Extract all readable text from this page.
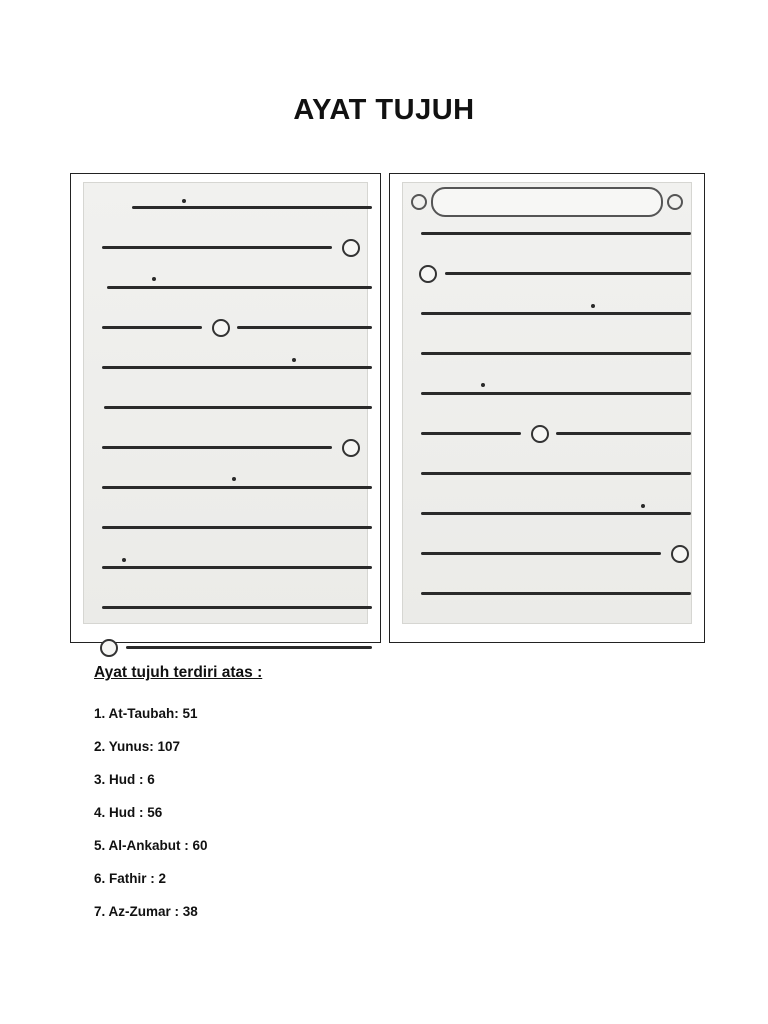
AYAT TUJUH
Ayat tujuh terdiri atas :
1. At-Taubah: 51
2. Yunus: 107
3. Hud : 6
4. Hud : 56
5. Al-Ankabut : 60
6. Fathir : 2
7. Az-Zumar : 38
